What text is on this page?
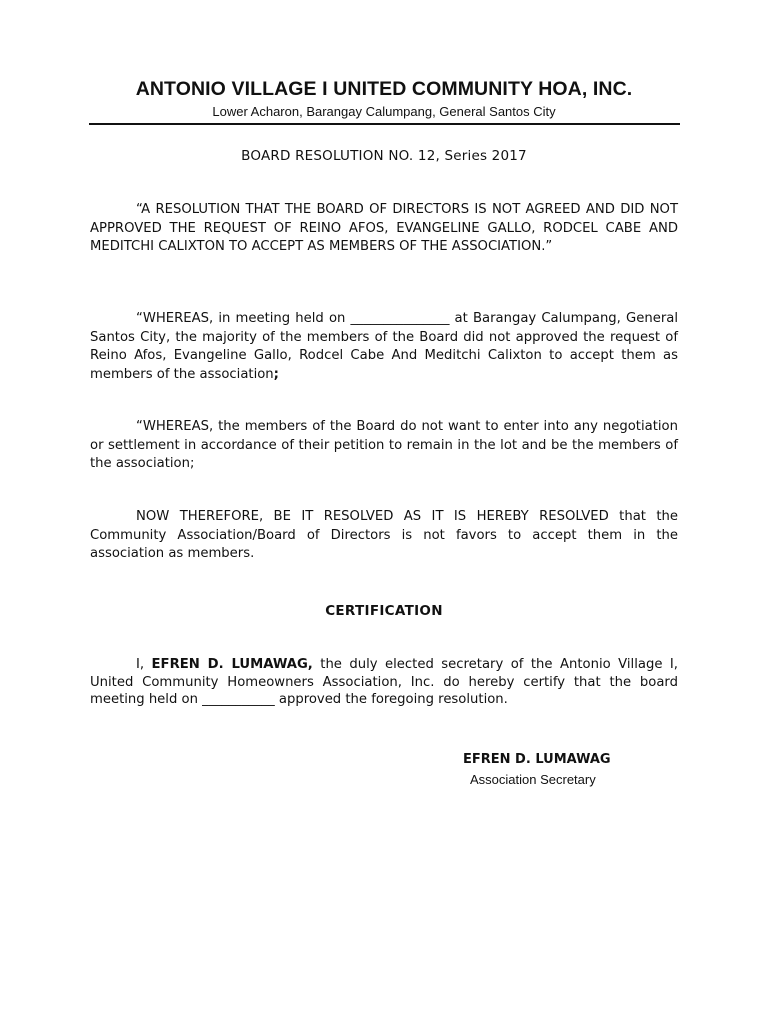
ANTONIO VILLAGE I UNITED COMMUNITY HOA, INC.
Lower Acharon, Barangay Calumpang, General Santos City
BOARD RESOLUTION NO. 12, Series 2017
“A RESOLUTION THAT THE BOARD OF DIRECTORS IS NOT AGREED AND DID NOT APPROVED THE REQUEST OF REINO AFOS, EVANGELINE GALLO, RODCEL CABE AND MEDITCHI CALIXTON TO ACCEPT AS MEMBERS OF THE ASSOCIATION.”
“WHEREAS, in meeting held on _______________ at Barangay Calumpang, General Santos City, the majority of the members of the Board did not approved the request of Reino Afos, Evangeline Gallo, Rodcel Cabe And Meditchi Calixton to accept them as members of the association;
“WHEREAS, the members of the Board do not want to enter into any negotiation or settlement in accordance of their petition to remain in the lot and be the members of the association;
NOW THEREFORE, BE IT RESOLVED AS IT IS HEREBY RESOLVED that the Community Association/Board of Directors is not favors to accept them in the association as members.
CERTIFICATION
I, EFREN D. LUMAWAG, the duly elected secretary of the Antonio Village I, United Community Homeowners Association, Inc. do hereby certify that the board meeting held on ___________ approved the foregoing resolution.
EFREN D. LUMAWAG
Association Secretary
